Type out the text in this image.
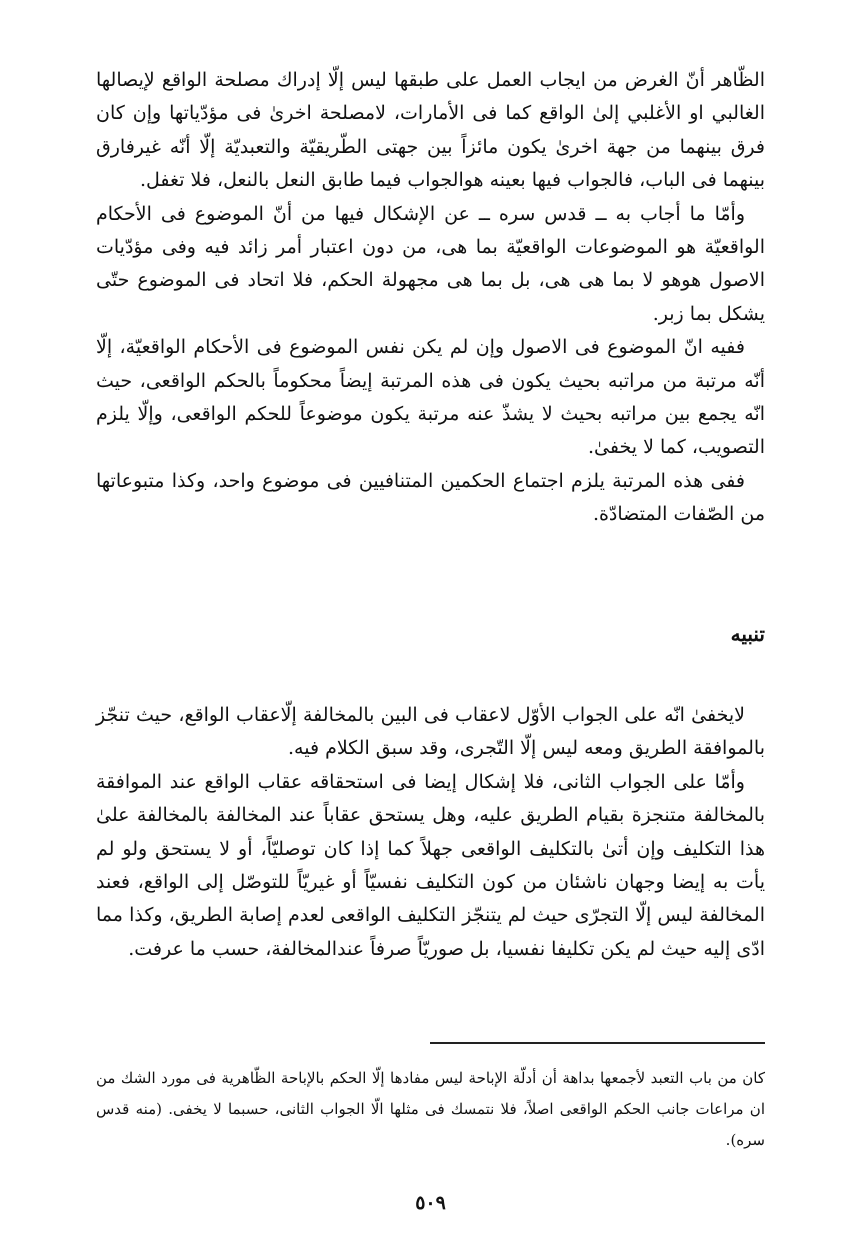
الظّاهر أنّ الغرض من ايجاب العمل على طبقها ليس إلّا إدراك مصلحة الواقع لإيصالها الغالبي او الأغلبي إلىٰ الواقع كما فى الأمارات، لامصلحة اخرىٰ فى مؤدّياتها وإن كان فرق بينهما من جهة اخرىٰ يكون مائزاً بين جهتى الطّريقيّة والتعبديّة إلّا أنّه غيرفارق بينهما فى الباب، فالجواب فيها بعينه هوالجواب فيما طابق النعل بالنعل، فلا تغفل.

وأمّا ما أجاب به ــ قدس سره ــ عن الإشكال فيها من أنّ الموضوع فى الأحكام الواقعيّة هو الموضوعات الواقعيّة بما هى، من دون اعتبار أمر زائد فيه وفى مؤدّيات الاصول هوهو لا بما هى هى، بل بما هى مجهولة الحكم، فلا اتحاد فى الموضوع حتّى يشكل بما زبر.

ففيه انّ الموضوع فى الاصول وإن لم يكن نفس الموضوع فى الأحكام الواقعيّة، إلّا أنّه مرتبة من مراتبه بحيث يكون فى هذه المرتبة إيضاً محكوماً بالحكم الواقعى، حيث انّه يجمع بين مراتبه بحيث لا يشذّ عنه مرتبة يكون موضوعاً للحكم الواقعى، وإلّا يلزم التصويب، كما لا يخفىٰ.

ففى هذه المرتبة يلزم اجتماع الحكمين المتنافيين فى موضوع واحد، وكذا متبوعاتها من الصّفات المتضادّة.

تنبيه

لايخفىٰ انّه على الجواب الأوّل لاعقاب فى البين بالمخالفة إلّاعقاب الواقع، حيث تنجّز بالموافقة الطريق ومعه ليس إلّا التّجرى، وقد سبق الكلام فيه.

وأمّا على الجواب الثانى، فلا إشكال إيضا فى استحقاقه عقاب الواقع عند الموافقة بالمخالفة متنجزة بقيام الطريق عليه، وهل يستحق عقاباً عند المخالفة بالمخالفة علىٰ هذا التكليف وإن أتىٰ بالتكليف الواقعى جهلاً كما إذا كان توصليّاً، أو لا يستحق ولو لم يأت به إيضا وجهان ناشئان من كون التكليف نفسيّاً أو غيريّاً للتوصّل إلى الواقع، فعند المخالفة ليس إلّا التجرّى حيث لم يتنجّز التكليف الواقعى لعدم إصابة الطريق، وكذا مما ادّى إليه حيث لم يكن تكليفا نفسيا، بل صوريّاً صرفاً عندالمخالفة، حسب ما عرفت.

كان من باب التعبد لأجمعها بداهة أن أدلّة الإباحة ليس مفادها إلّا الحكم بالإباحة الظّاهرية فى مورد الشك من ان مراعات جانب الحكم الواقعى اصلاً، فلا نتمسك فى مثلها الّا الجواب الثانى، حسبما لا يخفى. (منه قدس سره).

٥٠٩
